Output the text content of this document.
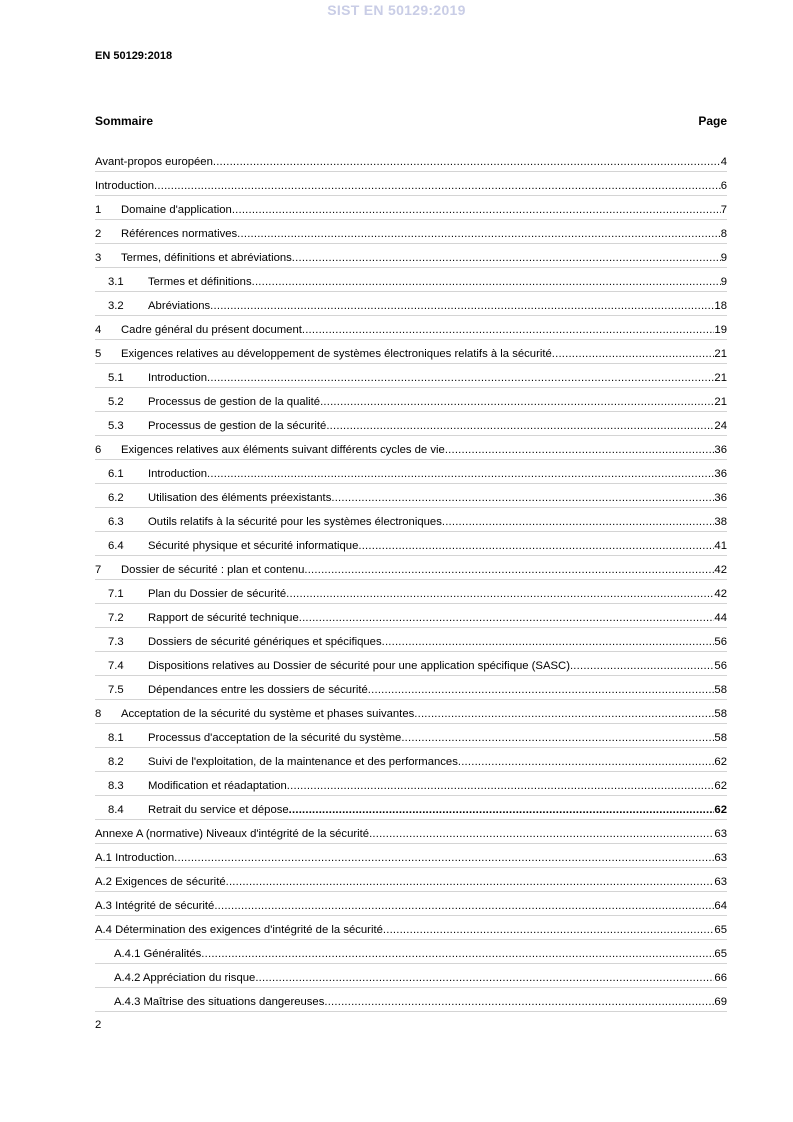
SIST EN 50129:2019
EN 50129:2018
Sommaire	Page
Avant-propos européen .....	4
Introduction .....	6
1	Domaine d'application .....	7
2	Références normatives .....	8
3	Termes, définitions et abréviations .....	9
3.1	Termes et définitions .....	9
3.2	Abréviations .....	18
4	Cadre général du présent document .....	19
5	Exigences relatives au développement de systèmes électroniques relatifs à la sécurité .....	21
5.1	Introduction .....	21
5.2	Processus de gestion de la qualité .....	21
5.3	Processus de gestion de la sécurité .....	24
6	Exigences relatives aux éléments suivant différents cycles de vie .....	36
6.1	Introduction .....	36
6.2	Utilisation des éléments préexistants .....	36
6.3	Outils relatifs à la sécurité pour les systèmes électroniques .....	38
6.4	Sécurité physique et sécurité informatique .....	41
7	Dossier de sécurité : plan et contenu .....	42
7.1	Plan du Dossier de sécurité .....	42
7.2	Rapport de sécurité technique .....	44
7.3	Dossiers de sécurité génériques et spécifiques .....	56
7.4	Dispositions relatives au Dossier de sécurité pour une application spécifique (SASC) .....	56
7.5	Dépendances entre les dossiers de sécurité .....	58
8	Acceptation de la sécurité du système et phases suivantes .....	58
8.1	Processus d'acceptation de la sécurité du système .....	58
8.2	Suivi de l'exploitation, de la maintenance et des performances .....	62
8.3	Modification et réadaptation .....	62
8.4	Retrait du service et dépose .....	62
Annexe A (normative) Niveaux d'intégrité de la sécurité .....	63
A.1 Introduction .....	63
A.2 Exigences de sécurité .....	63
A.3 Intégrité de sécurité .....	64
A.4 Détermination des exigences d'intégrité de la sécurité .....	65
A.4.1 Généralités .....	65
A.4.2 Appréciation du risque .....	66
A.4.3 Maîtrise des situations dangereuses .....	69
2
